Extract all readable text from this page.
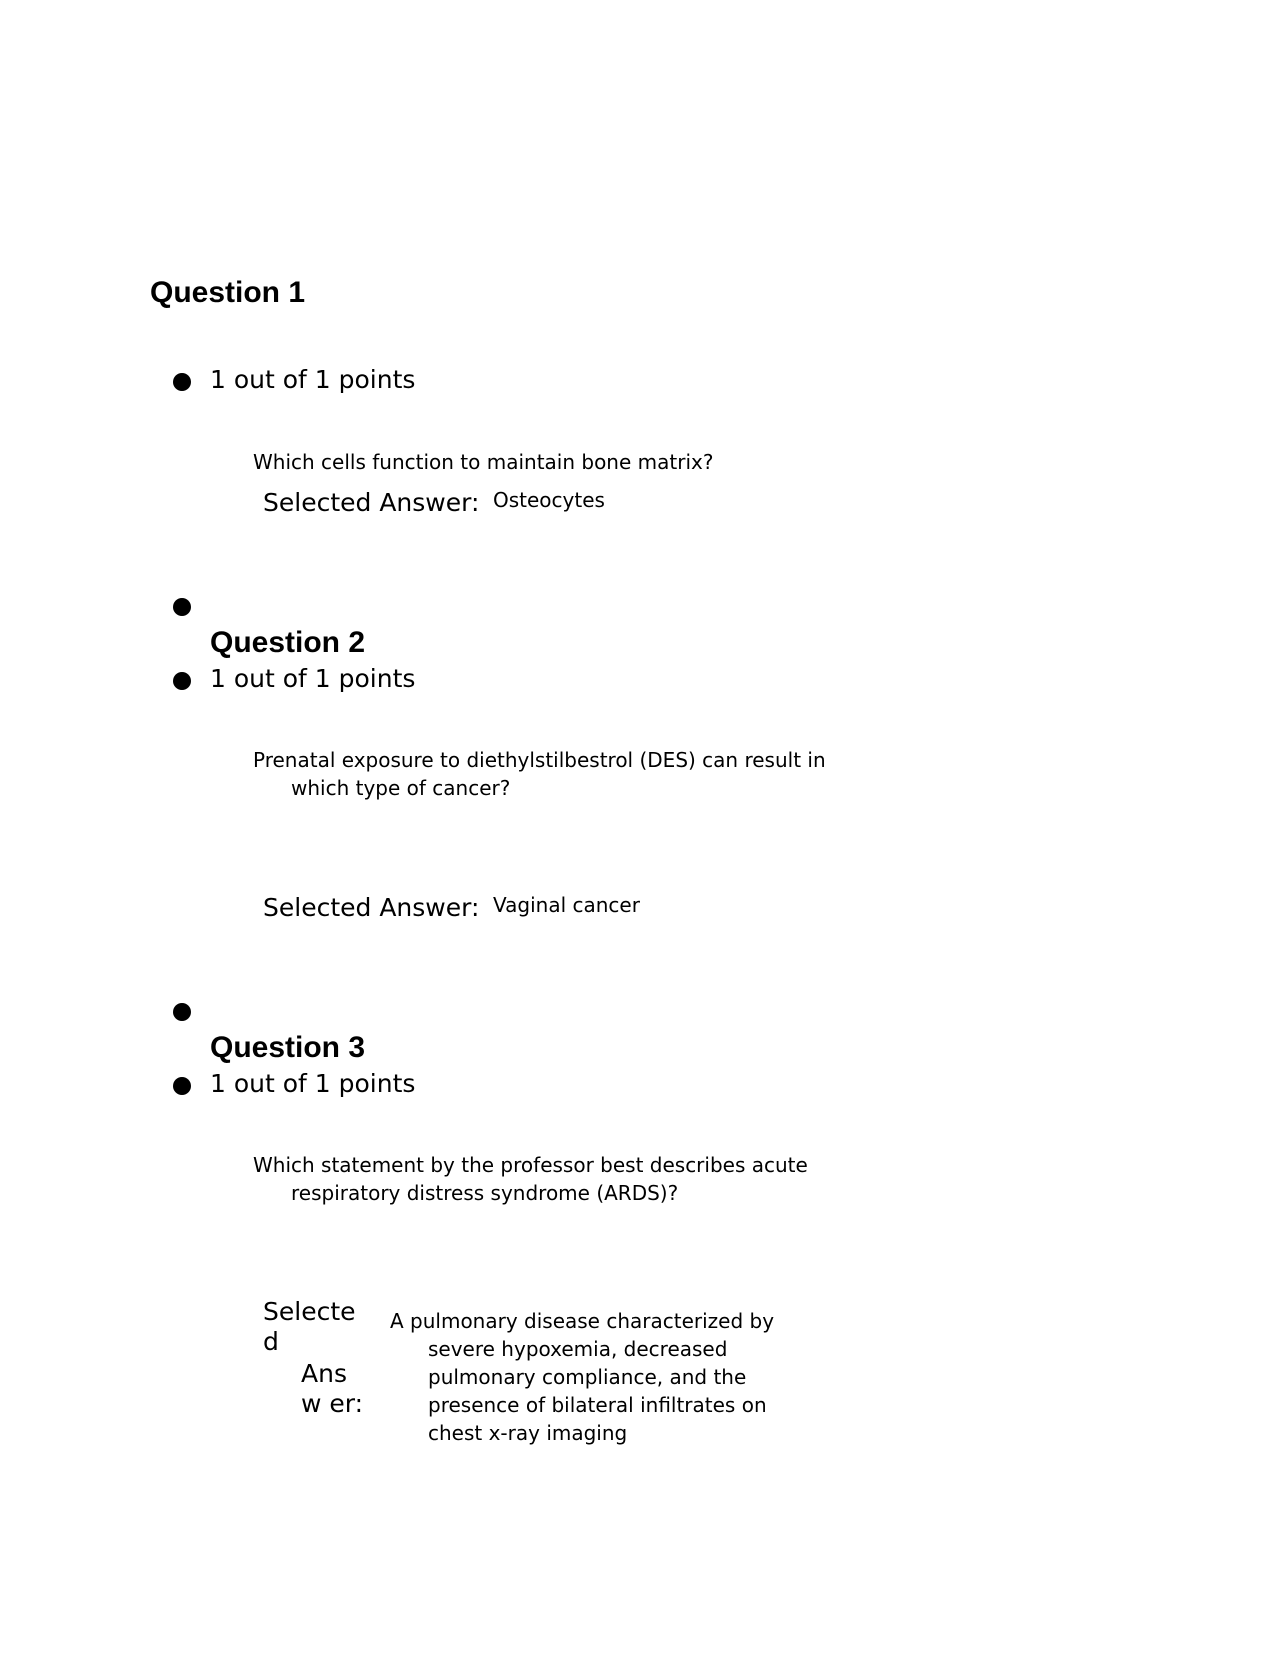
Question 1
1 out of 1 points
Which cells function to maintain bone matrix?
Selected Answer: Osteocytes
Question 2
1 out of 1 points
Prenatal exposure to diethylstilbestrol (DES) can result in
which type of cancer?
Selected Answer: Vaginal cancer
Question 3
1 out of 1 points
Which statement by the professor best describes acute
respiratory distress syndrome (ARDS)?
Selecte
d
Ans
w er:
A pulmonary disease characterized by
severe hypoxemia, decreased
pulmonary compliance, and the
presence of bilateral infiltrates on
chest x-ray imaging
